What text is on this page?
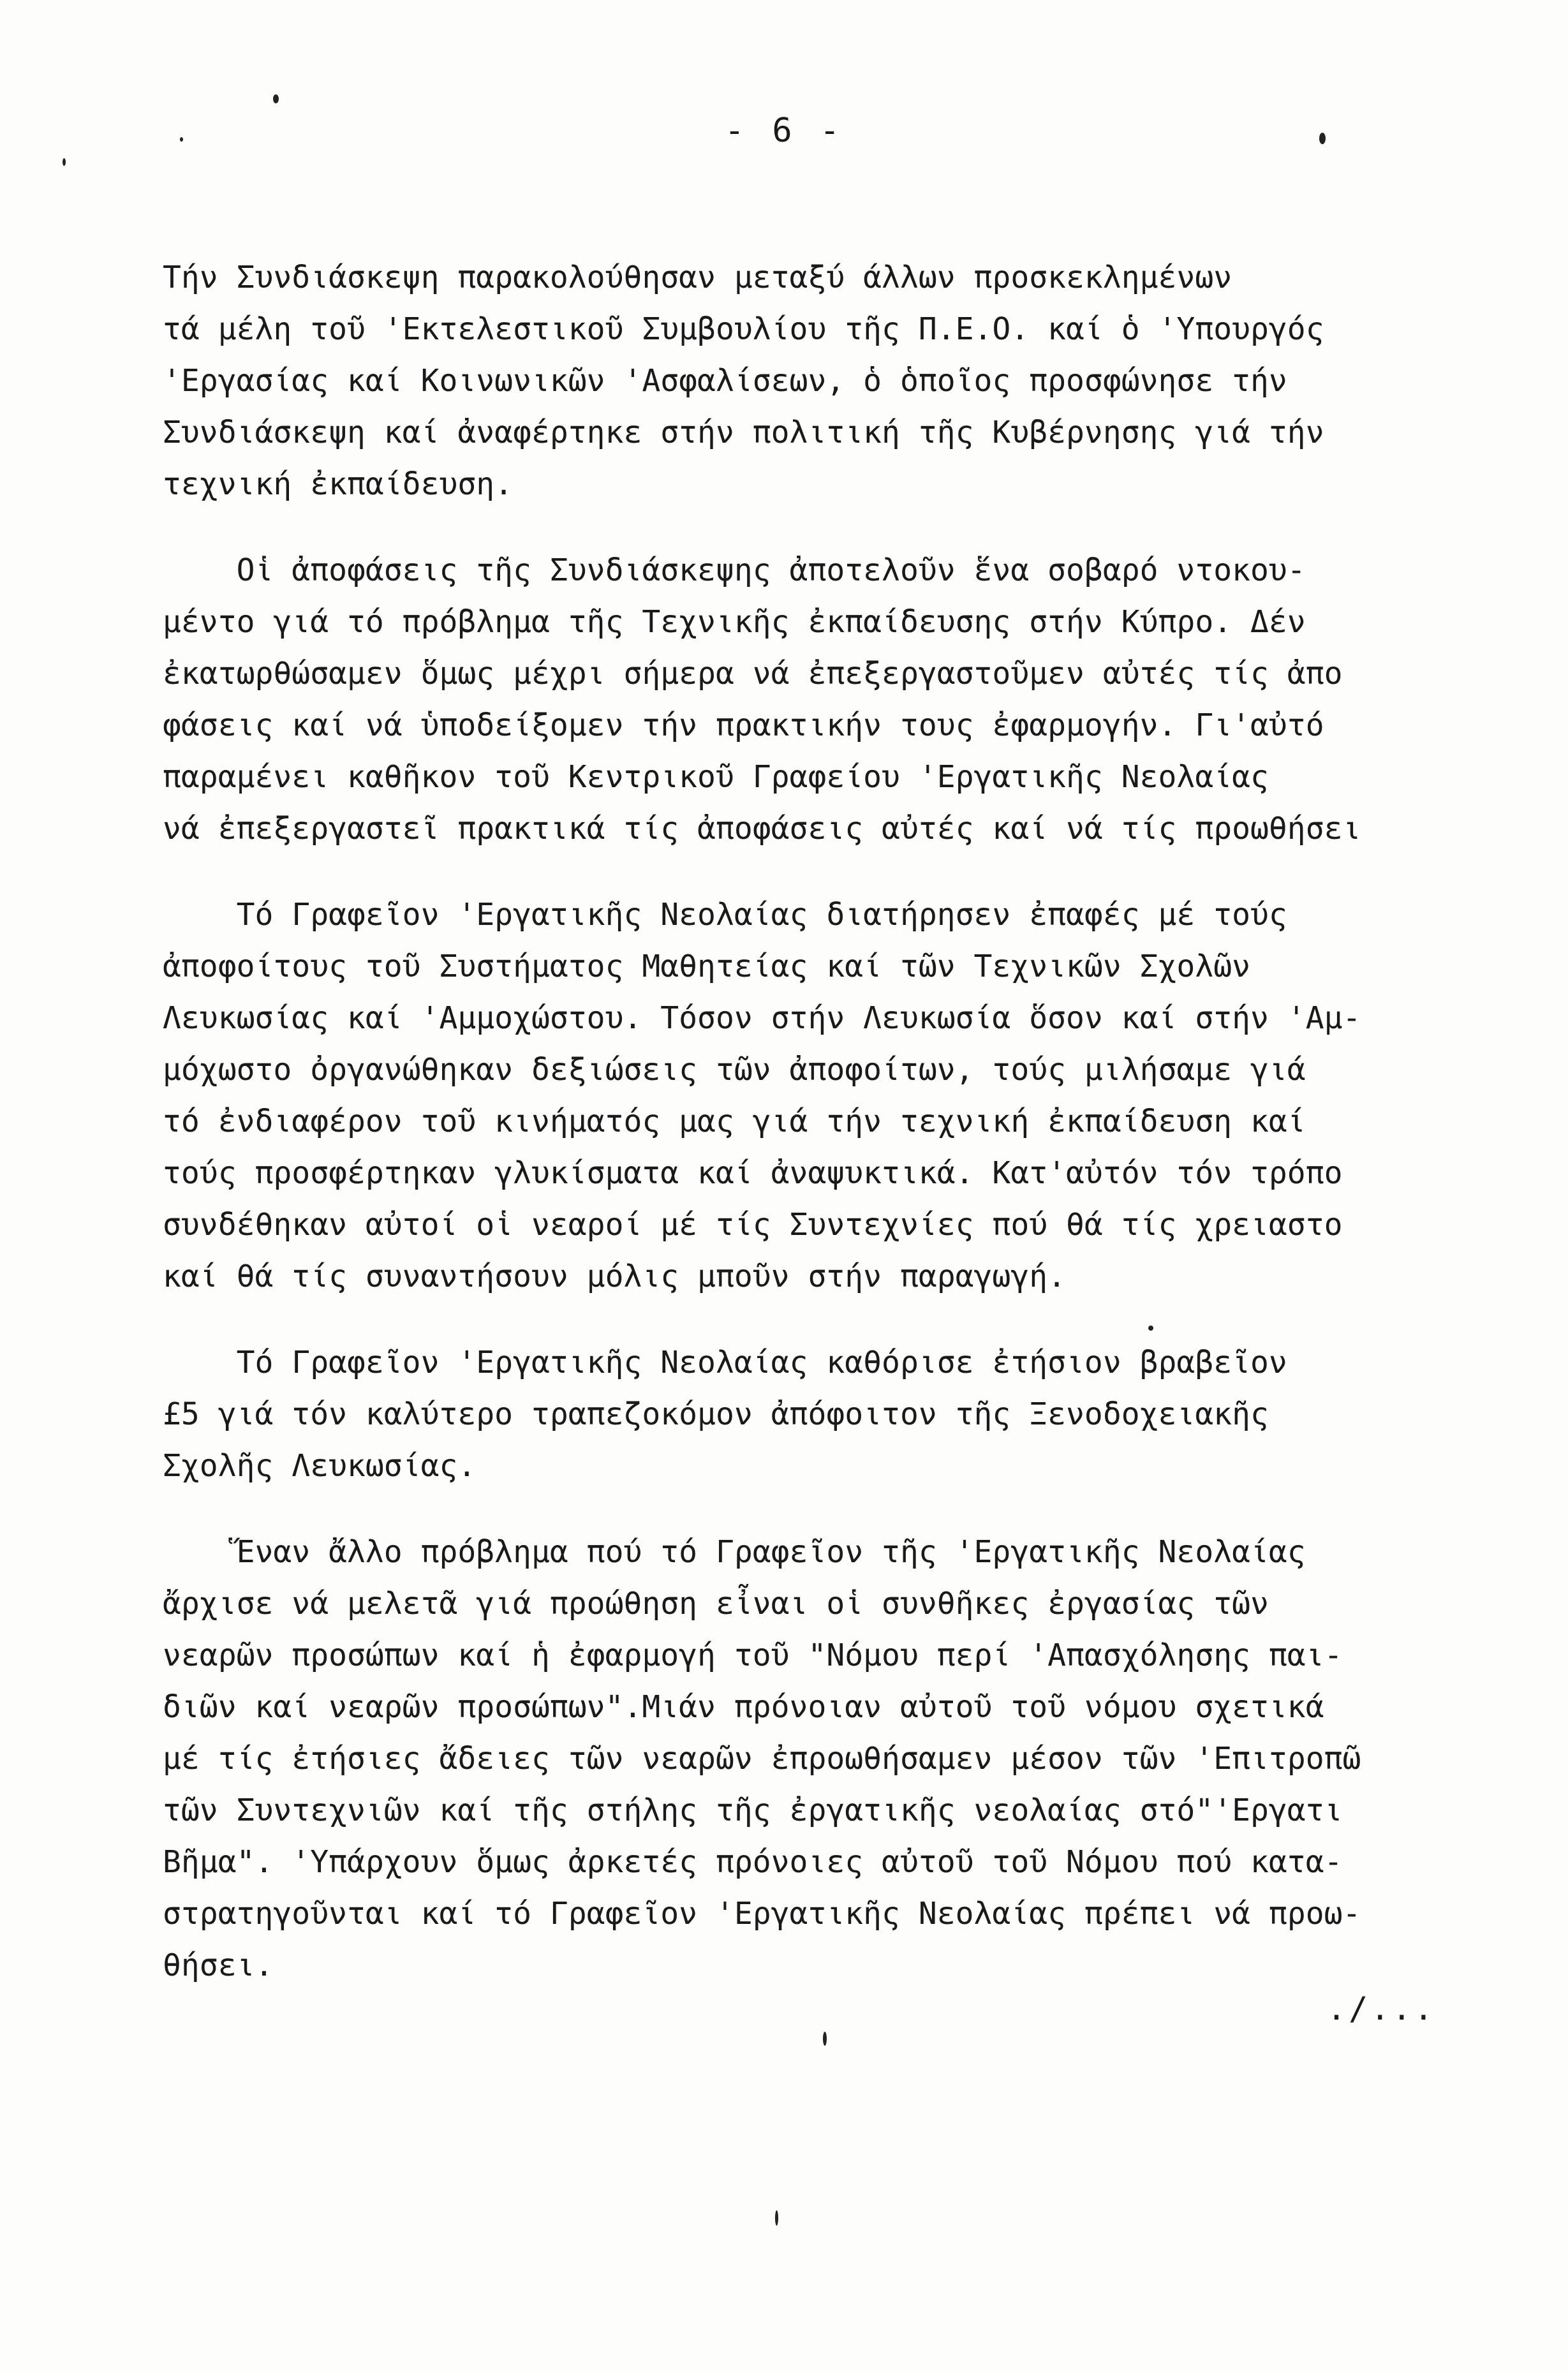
- 6 -
Τήν Συνδιάσκεψη παρακολούθησαν μεταξύ άλλων προσκεκλημένων
τά μέλη τοῦ 'Εκτελεστικοῦ Συμβουλίου τῆς Π.Ε.Ο. καί ὁ 'Υπουργός
'Εργασίας καί Κοινωνικῶν 'Ασφαλίσεων, ὁ ὁποῖος προσφώνησε τήν
Συνδιάσκεψη καί ἀναφέρτηκε στήν πολιτική τῆς Κυβέρνησης γιά τήν
τεχνική ἐκπαίδευση.
Οἱ ἀποφάσεις τῆς Συνδιάσκεψης ἀποτελοῦν ἕνα σοβαρό ντοκου-
μέντο γιά τό πρόβλημα τῆς Τεχνικῆς ἐκπαίδευσης στήν Κύπρο. Δέν
ἐκατωρθώσαμεν ὅμως μέχρι σήμερα νά ἐπεξεργαστοῦμεν αὐτές τίς ἀπο
φάσεις καί νά ὑποδείξομεν τήν πρακτικήν τους ἐφαρμογήν. Γι'αὐτό
παραμένει καθῆκον τοῦ Κεντρικοῦ Γραφείου 'Εργατικῆς Νεολαίας
νά ἐπεξεργαστεῖ πρακτικά τίς ἀποφάσεις αὐτές καί νά τίς προωθήσει
Τό Γραφεῖον 'Εργατικῆς Νεολαίας διατήρησεν ἐπαφές μέ τούς
ἀποφοίτους τοῦ Συστήματος Μαθητείας καί τῶν Τεχνικῶν Σχολῶν
Λευκωσίας καί 'Αμμοχώστου. Τόσον στήν Λευκωσία ὅσον καί στήν 'Αμ-
μόχωστο ὀργανώθηκαν δεξιώσεις τῶν ἀποφοίτων, τούς μιλήσαμε γιά
τό ἐνδιαφέρον τοῦ κινήματός μας γιά τήν τεχνική ἐκπαίδευση καί
τούς προσφέρτηκαν γλυκίσματα καί ἀναψυκτικά. Κατ'αὐτόν τόν τρόπο
συνδέθηκαν αὐτοί οἱ νεαροί μέ τίς Συντεχνίες πού θά τίς χρειαστο
καί θά τίς συναντήσουν μόλις μποῦν στήν παραγωγή.
Τό Γραφεῖον 'Εργατικῆς Νεολαίας καθόρισε ἐτήσιον βραβεῖον
£5 γιά τόν καλύτερο τραπεζοκόμον ἀπόφοιτον τῆς Ξενοδοχειακῆς
Σχολῆς Λευκωσίας.
Ἕναν ἄλλο πρόβλημα πού τό Γραφεῖον τῆς 'Εργατικῆς Νεολαίας
ἄρχισε νά μελετᾶ γιά προώθηση εἶναι οἱ συνθῆκες ἐργασίας τῶν
νεαρῶν προσώπων καί ἡ ἐφαρμογή τοῦ "Νόμου περί 'Απασχόλησης παι-
διῶν καί νεαρῶν προσώπων".Μιάν πρόνοιαν αὐτοῦ τοῦ νόμου σχετικά
μέ τίς ἐτήσιες ἄδειες τῶν νεαρῶν ἐπροωθήσαμεν μέσον τῶν 'Επιτροπῶ
τῶν Συντεχνιῶν καί τῆς στήλης τῆς ἐργατικῆς νεολαίας στό"'Εργατι
Βῆμα". 'Υπάρχουν ὅμως ἀρκετές πρόνοιες αὐτοῦ τοῦ Νόμου πού κατα-
στρατηγοῦνται καί τό Γραφεῖον 'Εργατικῆς Νεολαίας πρέπει νά προω-
θήσει.
./...
